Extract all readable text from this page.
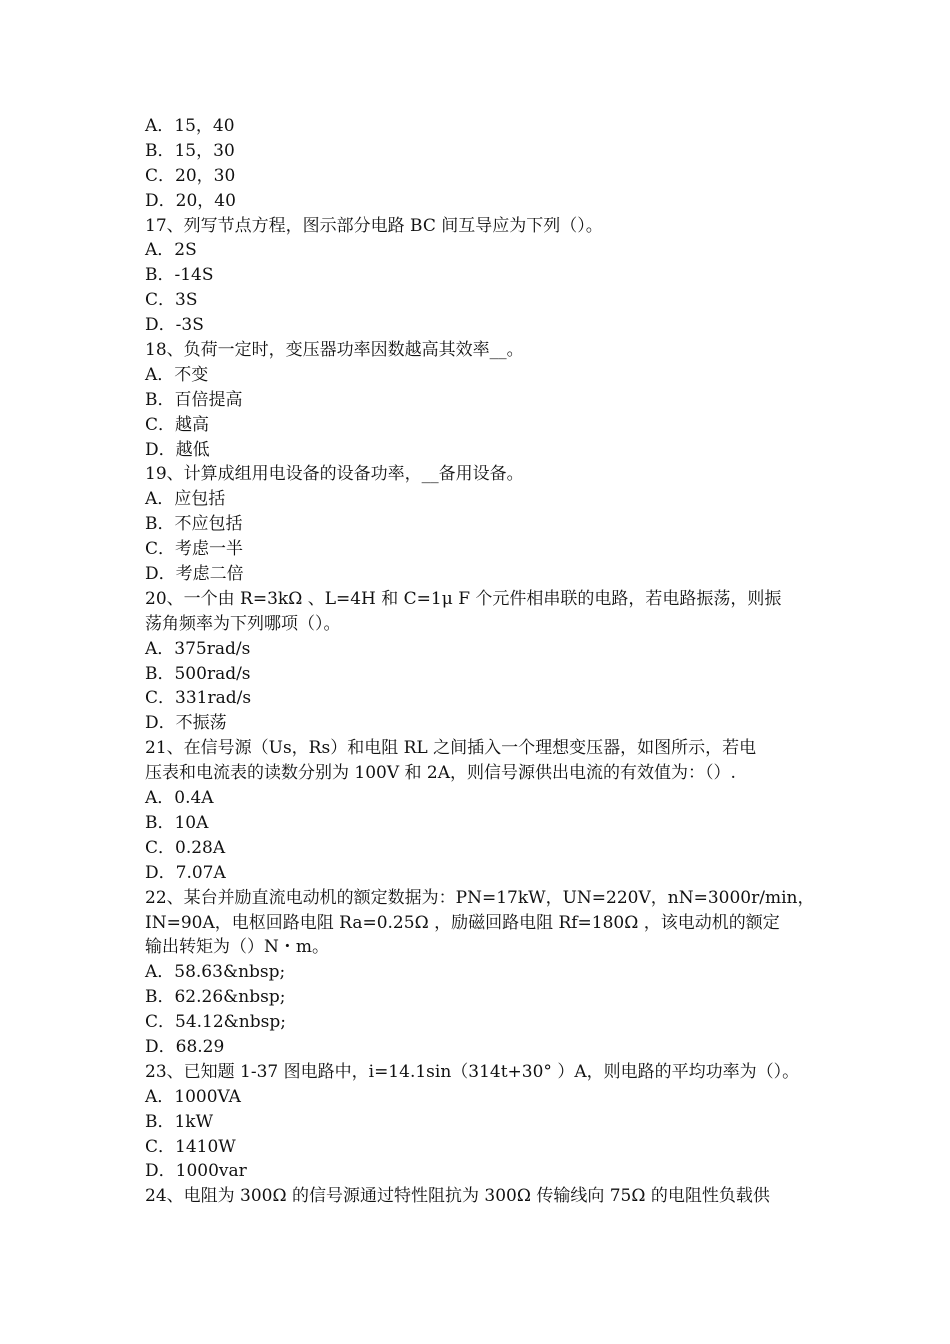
A．15，40
B．15，30
C．20，30
D．20，40
17、列写节点方程，图示部分电路 BC 间互导应为下列（）。
A．2S
B．-14S
C．3S
D．-3S
18、负荷一定时，变压器功率因数越高其效率__。
A．不变
B．百倍提高
C．越高
D．越低
19、计算成组用电设备的设备功率，__备用设备。
A．应包括
B．不应包括
C．考虑一半
D．考虑二倍
20、一个由 R=3kΩ 、L=4H 和 C=1μ F 个元件相串联的电路，若电路振荡，则振
荡角频率为下列哪项（）。
A．375rad/s
B．500rad/s
C．331rad/s
D．不振荡
21、在信号源（Us，Rs）和电阻 RL 之间插入一个理想变压器，如图所示，若电
压表和电流表的读数分别为 100V 和 2A，则信号源供出电流的有效值为：（）.
A．0.4A
B．10A
C．0.28A
D．7.07A
22、某台并励直流电动机的额定数据为：PN=17kW，UN=220V，nN=3000r/min，
IN=90A，电枢回路电阻 Ra=0.25Ω ，励磁回路电阻 Rf=180Ω ，该电动机的额定
输出转矩为（）N・m。
A．58.63&nbsp;
B．62.26&nbsp;
C．54.12&nbsp;
D．68.29
23、已知题 1-37 图电路中，i=14.1sin（314t+30° ）A，则电路的平均功率为（）。
A．1000VA
B．1kW
C．1410W
D．1000var
24、电阻为 300Ω 的信号源通过特性阻抗为 300Ω 传输线向 75Ω 的电阻性负载供
